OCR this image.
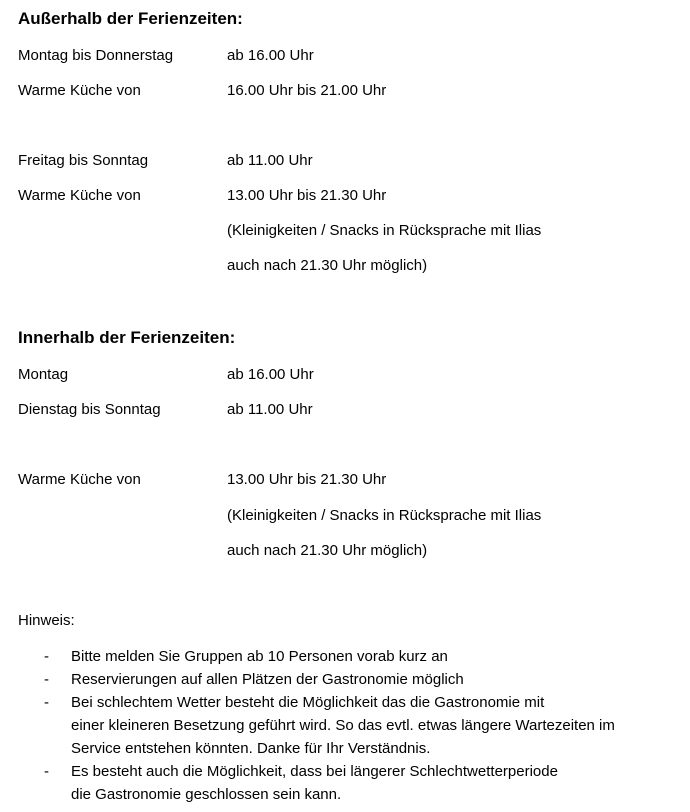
Außerhalb der Ferienzeiten:
Montag bis Donnerstag	ab 16.00 Uhr
Warme Küche von	16.00 Uhr bis 21.00 Uhr
Freitag bis Sonntag	ab 11.00 Uhr
Warme Küche von	13.00 Uhr bis 21.30 Uhr
(Kleinigkeiten / Snacks in Rücksprache mit Ilias
auch nach 21.30 Uhr möglich)
Innerhalb der Ferienzeiten:
Montag	ab 16.00 Uhr
Dienstag bis Sonntag	ab 11.00 Uhr
Warme Küche von	13.00 Uhr bis 21.30 Uhr
(Kleinigkeiten / Snacks in Rücksprache mit Ilias
auch nach 21.30 Uhr möglich)
Hinweis:
- Bitte melden Sie Gruppen ab 10 Personen vorab kurz an
- Reservierungen auf allen Plätzen der Gastronomie möglich
- Bei schlechtem Wetter besteht die Möglichkeit das die Gastronomie mit
einer kleineren Besetzung geführt wird. So das evtl. etwas längere Wartezeiten im
Service entstehen könnten. Danke für Ihr Verständnis.
- Es besteht auch die Möglichkeit, dass bei längerer Schlechtwetterperiode
die Gastronomie geschlossen sein kann.
